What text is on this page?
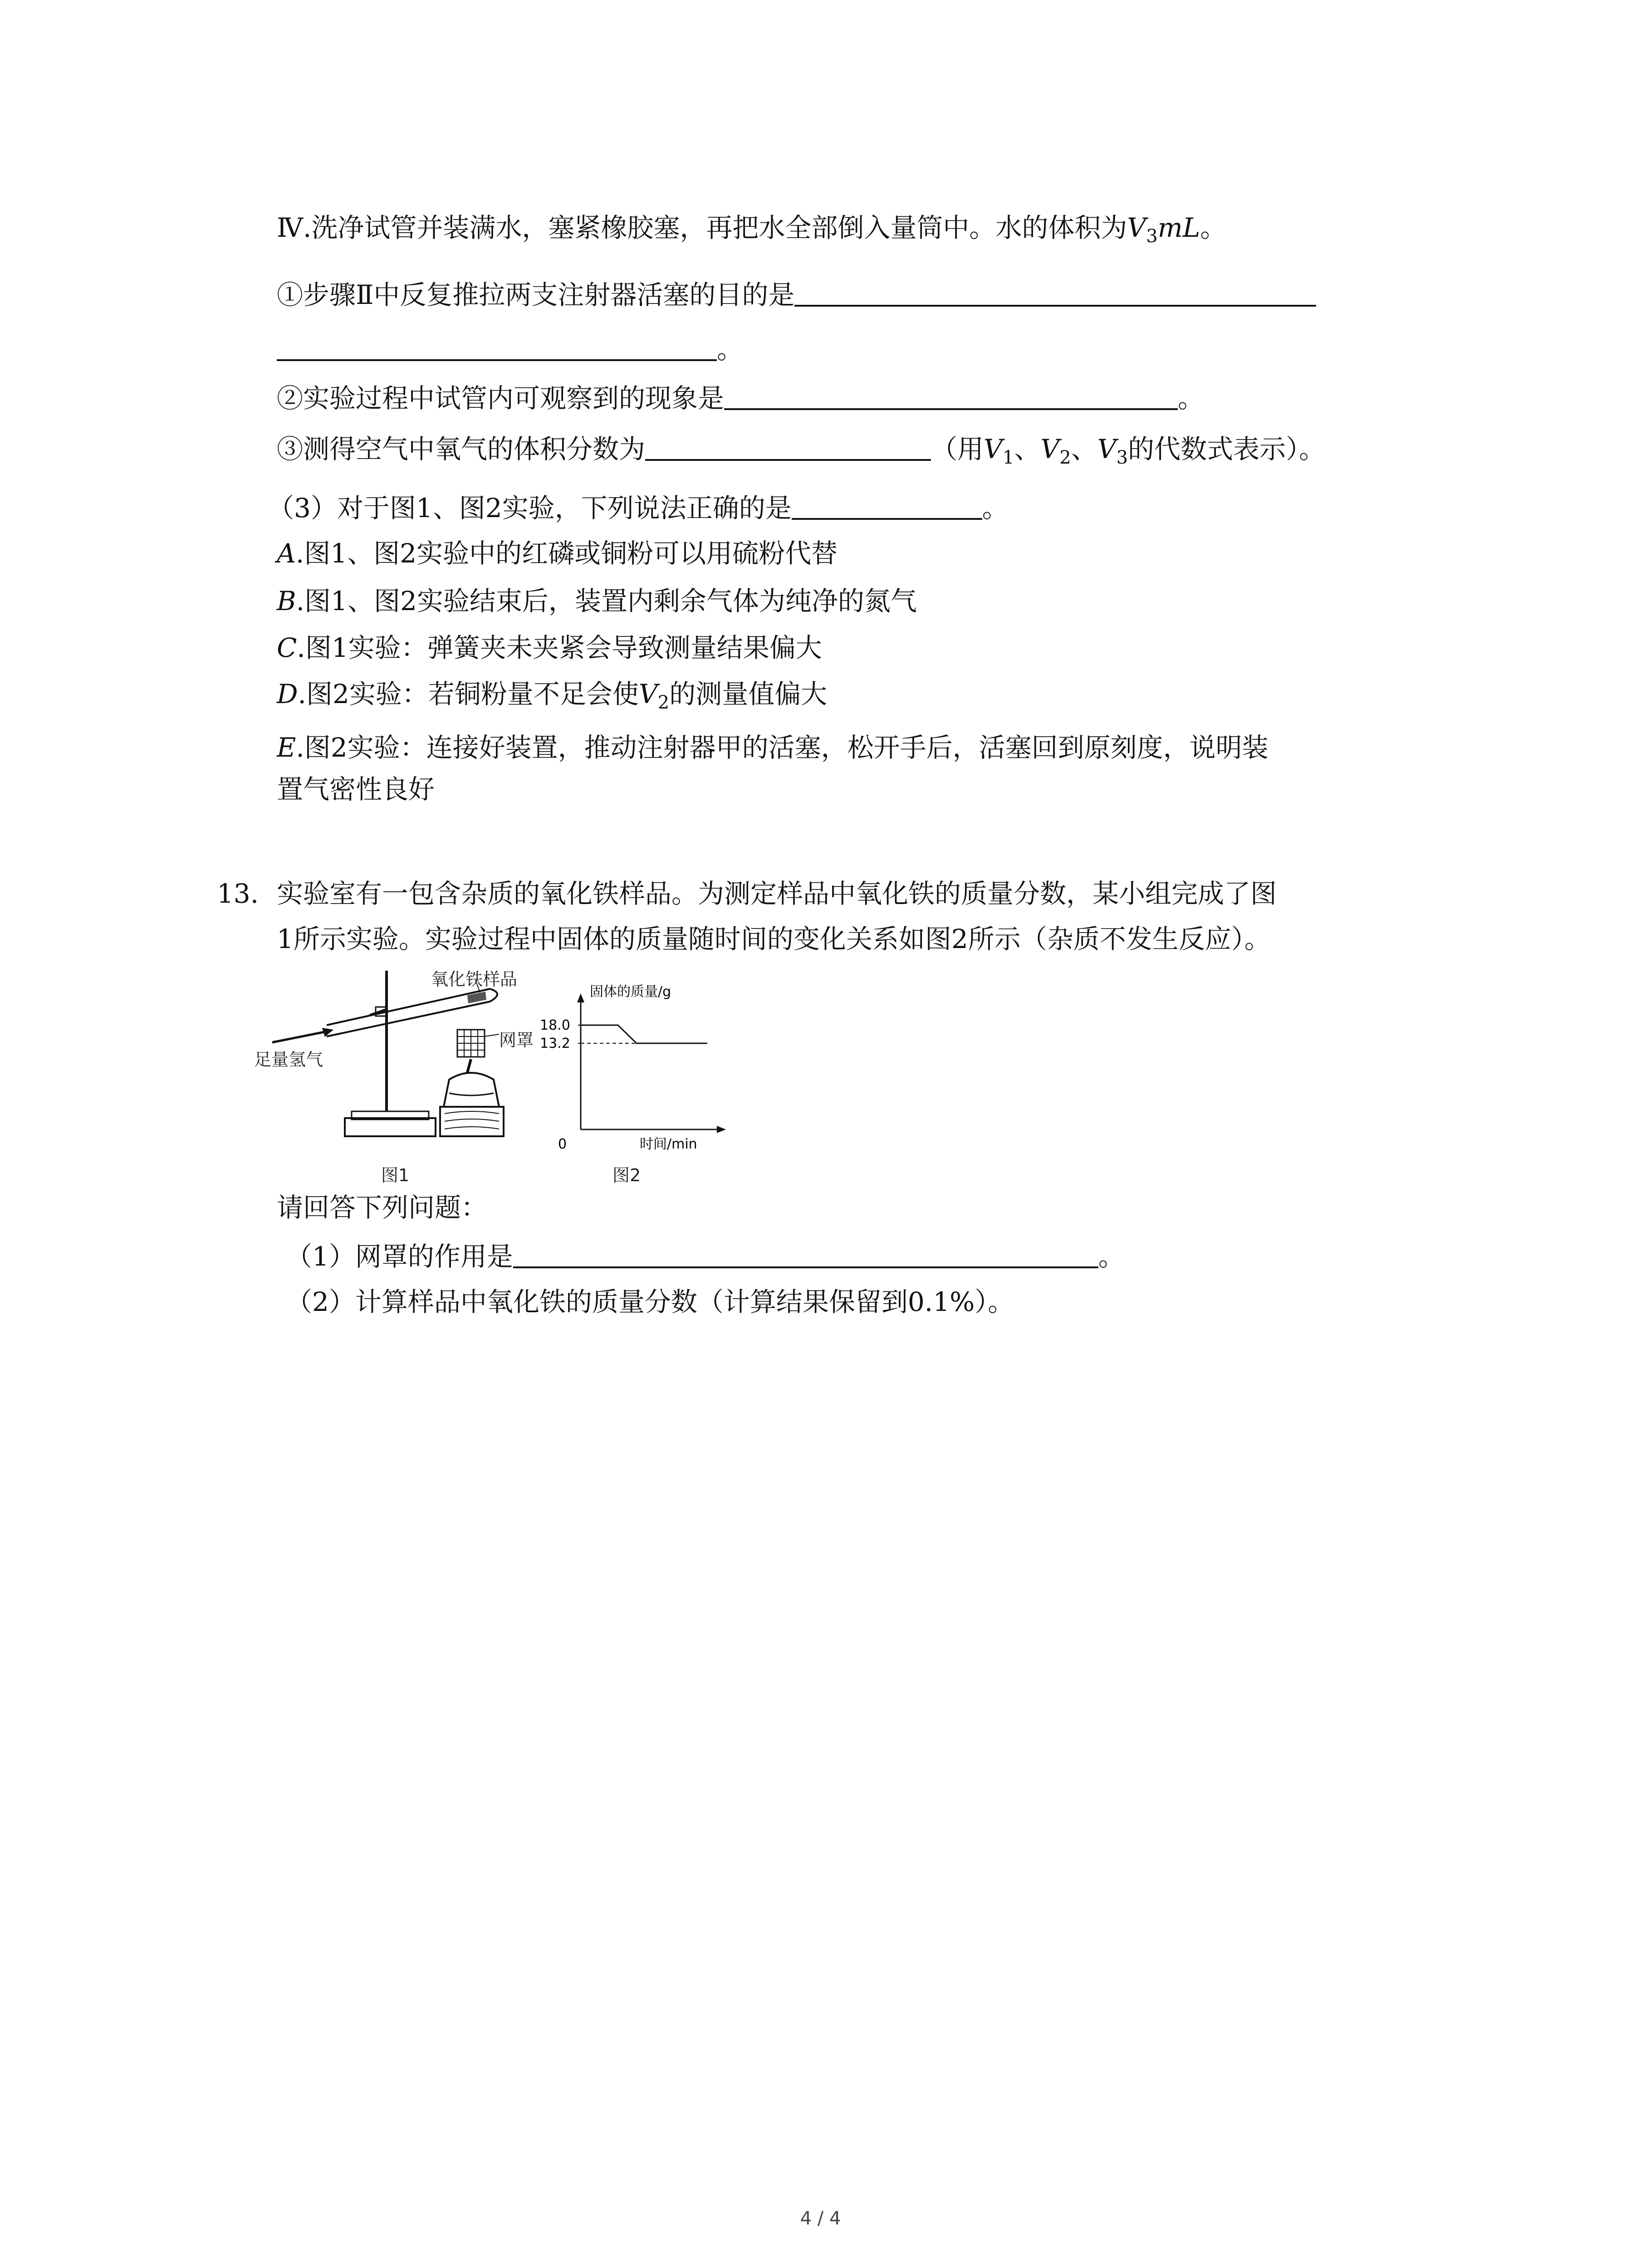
Ⅳ.洗净试管并装满水，塞紧橡胶塞，再把水全部倒入量筒中。水的体积为$V_3mL$。
①步骤Ⅱ中反复推拉两支注射器活塞的目的是
。
②实验过程中试管内可观察到的现象是	。
③测得空气中氧气的体积分数为	（用$V_1$、$V_2$、$V_3$的代数式表示）。
（3）对于图1、图2实验，下列说法正确的是	。
A.图1、图2实验中的红磷或铜粉可以用硫粉代替
B.图1、图2实验结束后，装置内剩余气体为纯净的氮气
C.图1实验：弹簧夹未夹紧会导致测量结果偏大
D.图2实验：若铜粉量不足会使$V_2$的测量值偏大
E.图2实验：连接好装置，推动注射器甲的活塞，松开手后，活塞回到原刻度，说明装
置气密性良好
13. 实验室有一包含杂质的氧化铁样品。为测定样品中氧化铁的质量分数，某小组完成了图
1所示实验。实验过程中固体的质量随时间的变化关系如图2所示（杂质不发生反应）。
氧化铁样品
足量氢气
网罩
图1
固体的质量/g
时间/min
0
18.0
13.2
图2
请回答下列问题：
（1）网罩的作用是	。
（2）计算样品中氧化铁的质量分数（计算结果保留到0.1%）。
4 / 4
